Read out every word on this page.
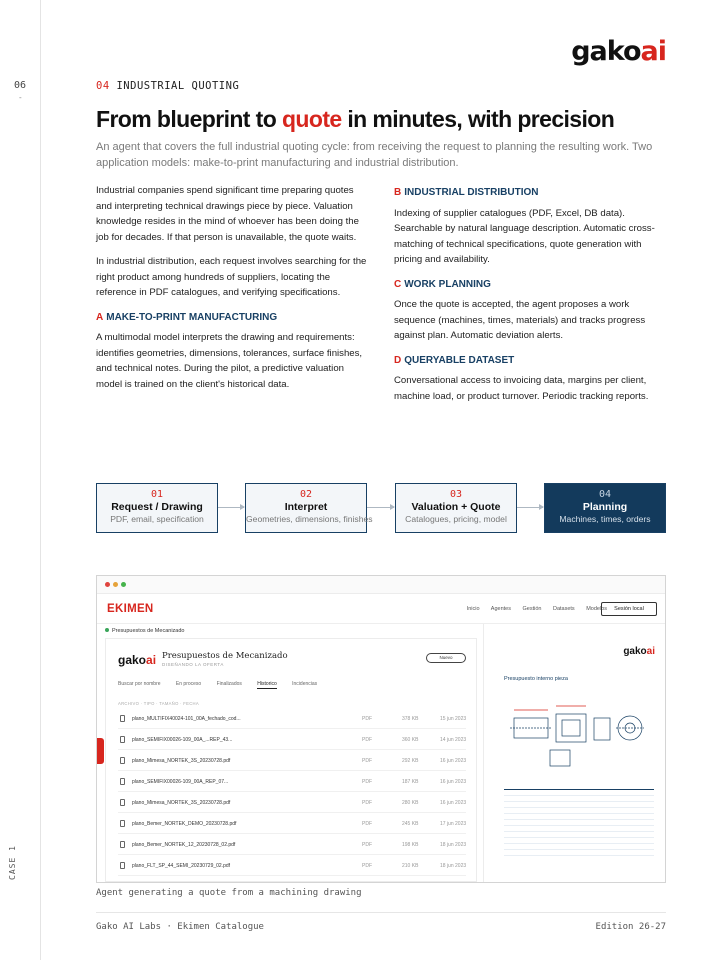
06
-
CASE 1
gakoai
04 INDUSTRIAL QUOTING
From blueprint to quote in minutes, with precision

An agent that covers the full industrial quoting cycle: from receiving the request to planning the resulting work. Two application models: make-to-print manufacturing and industrial distribution.

Industrial companies spend significant time preparing quotes and interpreting technical drawings piece by piece. Valuation knowledge resides in the mind of whoever has been doing the job for decades. If that person is unavailable, the quote waits.

In industrial distribution, each request involves searching for the right product among hundreds of suppliers, locating the reference in PDF catalogues, and verifying specifications.

A MAKE-TO-PRINT MANUFACTURING

A multimodal model interprets the drawing and requirements: identifies geometries, dimensions, tolerances, surface finishes, and technical notes. During the pilot, a predictive valuation model is trained on the client's historical data.

B INDUSTRIAL DISTRIBUTION

Indexing of supplier catalogues (PDF, Excel, DB data). Searchable by natural language description. Automatic cross-matching of technical specifications, quote generation with pricing and availability.

C WORK PLANNING

Once the quote is accepted, the agent proposes a work sequence (machines, times, materials) and tracks progress against plan. Automatic deviation alerts.

D QUERYABLE DATASET

Conversational access to invoicing data, margins per client, machine load, or product turnover. Periodic tracking reports.

01
Request / Drawing
PDF, email, specification
02
Interpret
Geometries, dimensions, finishes
03
Valuation + Quote
Catalogues, pricing, model
04
Planning
Machines, times, orders
EKIMEN	Inicio Agentes Gestión Datasets Modelos	Sesión local
Presupuestos de Mecanizado
gakoai Presupuestos de Mecanizado
DISEÑANDO LA OFERTA
Nuevo
Buscar por nombre	En proceso	Finalizados	Historico	Incidencias
ARCHIVO · TIPO · TAMAÑO · FECHA
plano_MULTIFIX40024-101_00A_fechado_cod...	PDF	378 KB	15 jun 2023
plano_SEMIFIX00026-109_00A_...REP_43...	PDF	360 KB	14 jun 2023
plano_Mimesa_NORTEK_3S_20230728.pdf	PDF	292 KB	16 jun 2023
plano_SEMIFIX00026-109_00A_REP_07...	PDF	187 KB	16 jun 2023
plano_Mimesa_NORTEK_3S_20230728.pdf	PDF	280 KB	16 jun 2023
plano_Bemer_NORTEK_DEMO_20230728.pdf	PDF	245 KB	17 jun 2023
plano_Bemer_NORTEK_12_20230728_02.pdf	PDF	198 KB	18 jun 2023
plano_FLT_SP_44_SEMI_20230729_02.pdf	PDF	210 KB	18 jun 2023
gakoai
Presupuesto interno pieza
Agent generating a quote from a machining drawing
Gako AI Labs · Ekimen Catalogue	Edition 26-27
